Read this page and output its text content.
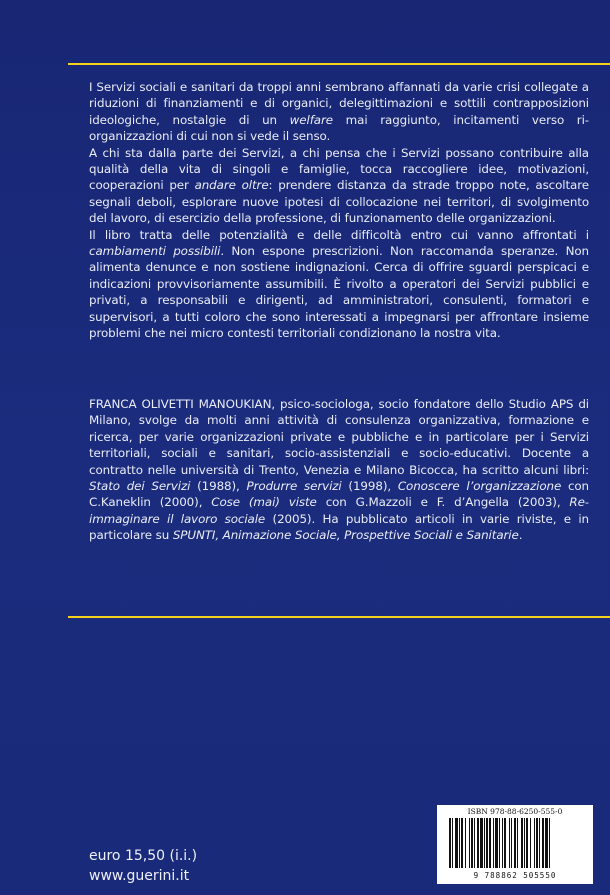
I Servizi sociali e sanitari da troppi anni sembrano affannati da varie crisi collegate a riduzioni di finanziamenti e di organici, delegittimazioni e sottili contrapposizioni ideologiche, nostalgie di un welfare mai raggiunto, incitamenti verso ri-organizzazioni di cui non si vede il senso.

A chi sta dalla parte dei Servizi, a chi pensa che i Servizi possano contribuire alla qualità della vita di singoli e famiglie, tocca raccogliere idee, motivazioni, cooperazioni per andare oltre: prendere distanza da strade troppo note, ascoltare segnali deboli, esplorare nuove ipotesi di collocazione nei territori, di svolgimento del lavoro, di esercizio della professione, di funzionamento delle organizzazioni.

Il libro tratta delle potenzialità e delle difficoltà entro cui vanno affrontati i cambiamenti possibili. Non espone prescrizioni. Non raccomanda speranze. Non alimenta denunce e non sostiene indignazioni. Cerca di offrire sguardi perspicaci e indicazioni provvisoriamente assumibili. È rivolto a operatori dei Servizi pubblici e privati, a responsabili e dirigenti, ad amministratori, consulenti, formatori e supervisori, a tutti coloro che sono interessati a impegnarsi per affrontare insieme problemi che nei micro contesti territoriali condizionano la nostra vita.

FRANCA OLIVETTI MANOUKIAN, psico-sociologa, socio fondatore dello Studio APS di Milano, svolge da molti anni attività di consulenza organizzativa, formazione e ricerca, per varie organizzazioni private e pubbliche e in particolare per i Servizi territoriali, sociali e sanitari, socio-assistenziali e socio-educativi. Docente a contratto nelle università di Trento, Venezia e Milano Bicocca, ha scritto alcuni libri: Stato dei Servizi (1988), Produrre servizi (1998), Conoscere l’organizzazione con C.Kaneklin (2000), Cose (mai) viste con G.Mazzoli e F. d’Angella (2003), Re-immaginare il lavoro sociale (2005). Ha pubblicato articoli in varie riviste, e in particolare su SPUNTI, Animazione Sociale, Prospettive Sociali e Sanitarie.

euro 15,50 (i.i.)
www.guerini.it
ISBN 978-88-6250-555-0
9 788862 505550
